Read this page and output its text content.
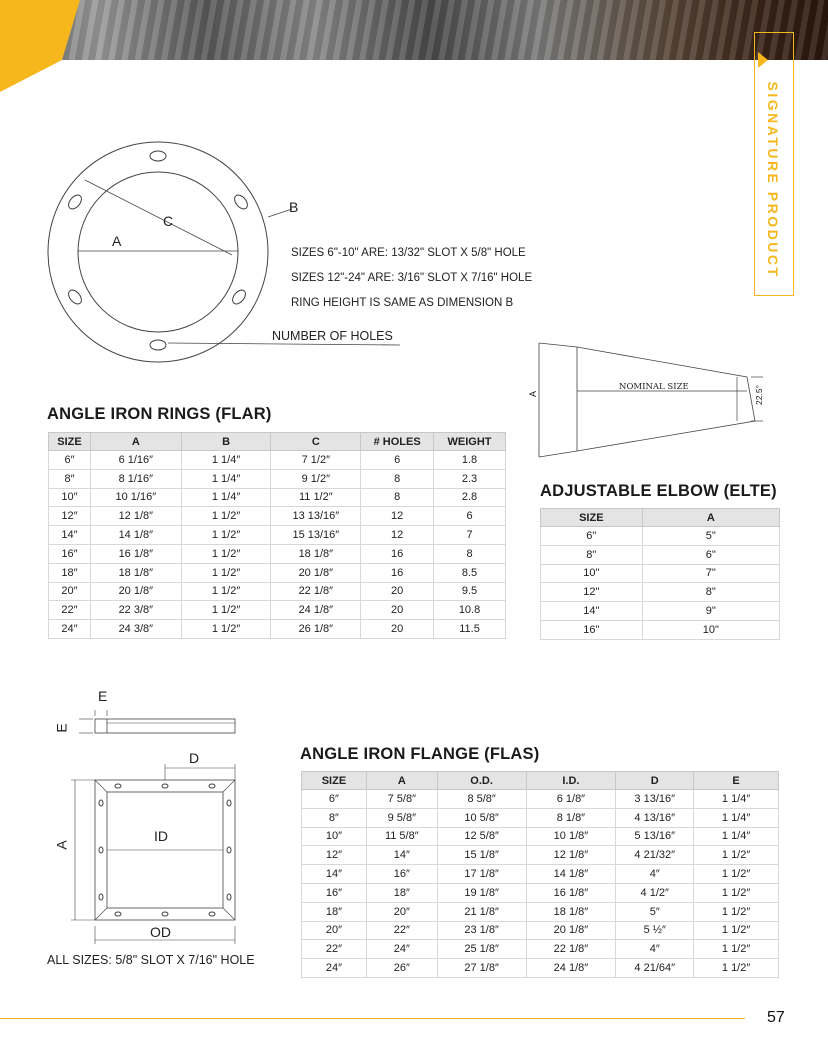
SIGNATURE PRODUCT
A
C
B
SIZES 6"-10" ARE: 13/32" SLOT X 5/8" HOLE
SIZES 12"-24" ARE: 3/16" SLOT X 7/16" HOLE
RING HEIGHT IS SAME AS DIMENSION B
NUMBER OF HOLES
A
NOMINAL SIZE	22.5°
ANGLE IRON RINGS (FLAR)
SIZE	A	B	C	# HOLES	WEIGHT
6″	6 1/16″	1 1/4″	7 1/2″	6	1.8
8″	8 1/16″	1 1/4″	9 1/2″	8	2.3
10″	10 1/16″	1 1/4″	11 1/2″	8	2.8
12″	12 1/8″	1 1/2″	13 13/16″	12	6
14″	14 1/8″	1 1/2″	15 13/16″	12	7
16″	16 1/8″	1 1/2″	18 1/8″	16	8
18″	18 1/8″	1 1/2″	20 1/8″	16	8.5
20″	20 1/8″	1 1/2″	22 1/8″	20	9.5
22″	22 3/8″	1 1/2″	24 1/8″	20	10.8
24″	24 3/8″	1 1/2″	26 1/8″	20	11.5
ADJUSTABLE ELBOW (ELTE)
SIZE	A
6"	5"
8"	6"
10"	7"
12"	8"
14"	9"
16"	10"
E
E
D
A
ID
OD
ALL SIZES: 5/8" SLOT X 7/16" HOLE
ANGLE IRON FLANGE (FLAS)
SIZE	A	O.D.	I.D.	D	E
6″	7 5/8″	8 5/8″	6 1/8″	3 13/16″	1 1/4″
8″	9 5/8″	10 5/8″	8 1/8″	4 13/16″	1 1/4″
10″	11 5/8″	12 5/8″	10 1/8″	5 13/16″	1 1/4″
12″	14″	15 1/8″	12 1/8″	4 21/32″	1 1/2″
14″	16″	17 1/8″	14 1/8″	4″	1 1/2″
16″	18″	19 1/8″	16 1/8″	4 1/2″	1 1/2″
18″	20″	21 1/8″	18 1/8″	5″	1 1/2″
20″	22″	23 1/8″	20 1/8″	5 ½″	1 1/2″
22″	24″	25 1/8″	22 1/8″	4″	1 1/2″
24″	26″	27 1/8″	24 1/8″	4 21/64″	1 1/2″
57
